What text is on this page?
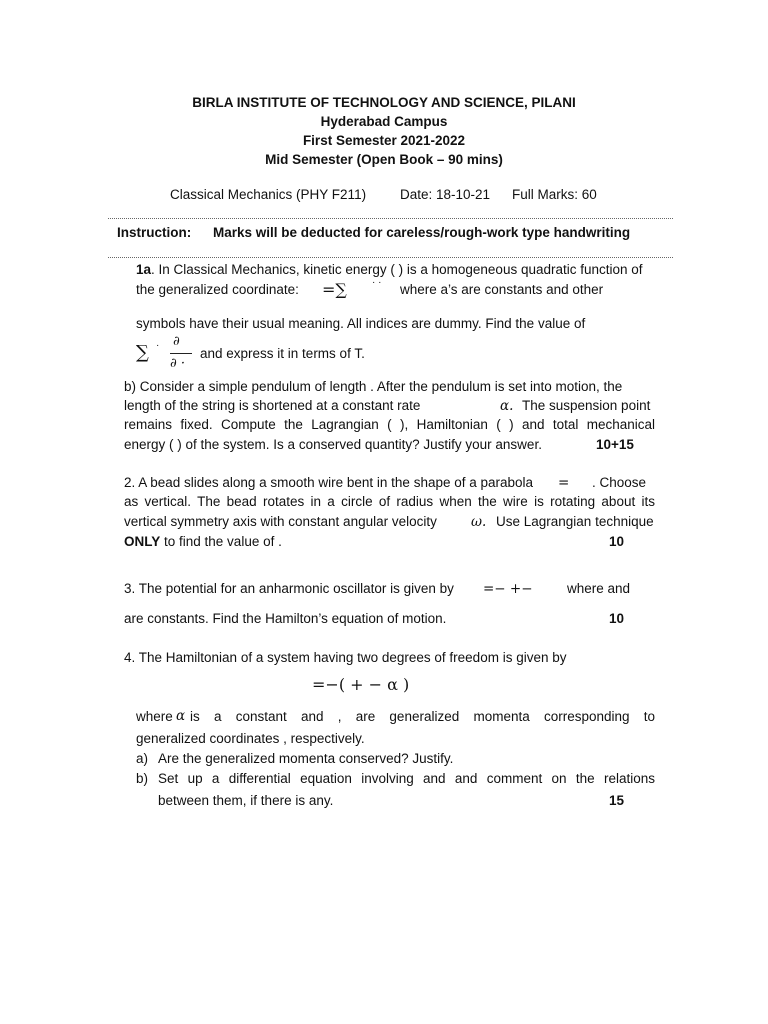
BIRLA INSTITUTE OF TECHNOLOGY AND SCIENCE, PILANI
Hyderabad Campus
First Semester 2021-2022
Mid Semester (Open Book – 90 mins)
Classical Mechanics (PHY F211)	Date: 18-10-21 Full Marks: 60
Instruction: Marks will be deducted for careless/rough-work type handwriting
1a. In Classical Mechanics, kinetic energy ( ) is a homogeneous quadratic function of
the generalized coordinate: =∑	· · where a’s are constants and other
symbols have their usual meaning. All indices are dummy. Find the value of
∑ · ∂
∂ ·
and express it in terms of T.
b) Consider a simple pendulum of length . After the pendulum is set into motion, the
length of the string is shortened at a constant rate	α. The suspension point
remains fixed. Compute the Lagrangian ( ), Hamiltonian ( ) and total mechanical
energy ( ) of the system. Is a conserved quantity? Justify your answer.	10+15
2. A bead slides along a smooth wire bent in the shape of a parabola = . Choose
as vertical. The bead rotates in a circle of radius when the wire is rotating about its
vertical symmetry axis with constant angular velocity	ω. Use Lagrangian technique
ONLY to find the value of .	10
3. The potential for an anharmonic oscillator is given by =− +−	where and
are constants. Find the Hamilton’s equation of motion.	10
4. The Hamiltonian of a system having two degrees of freedom is given by
=−( + − α )
where α is a constant and , are generalized momenta corresponding to
generalized coordinates , respectively.
a) Are the generalized momenta conserved? Justify.
b) Set up a differential equation involving and and comment on the relations
between them, if there is any.	15
